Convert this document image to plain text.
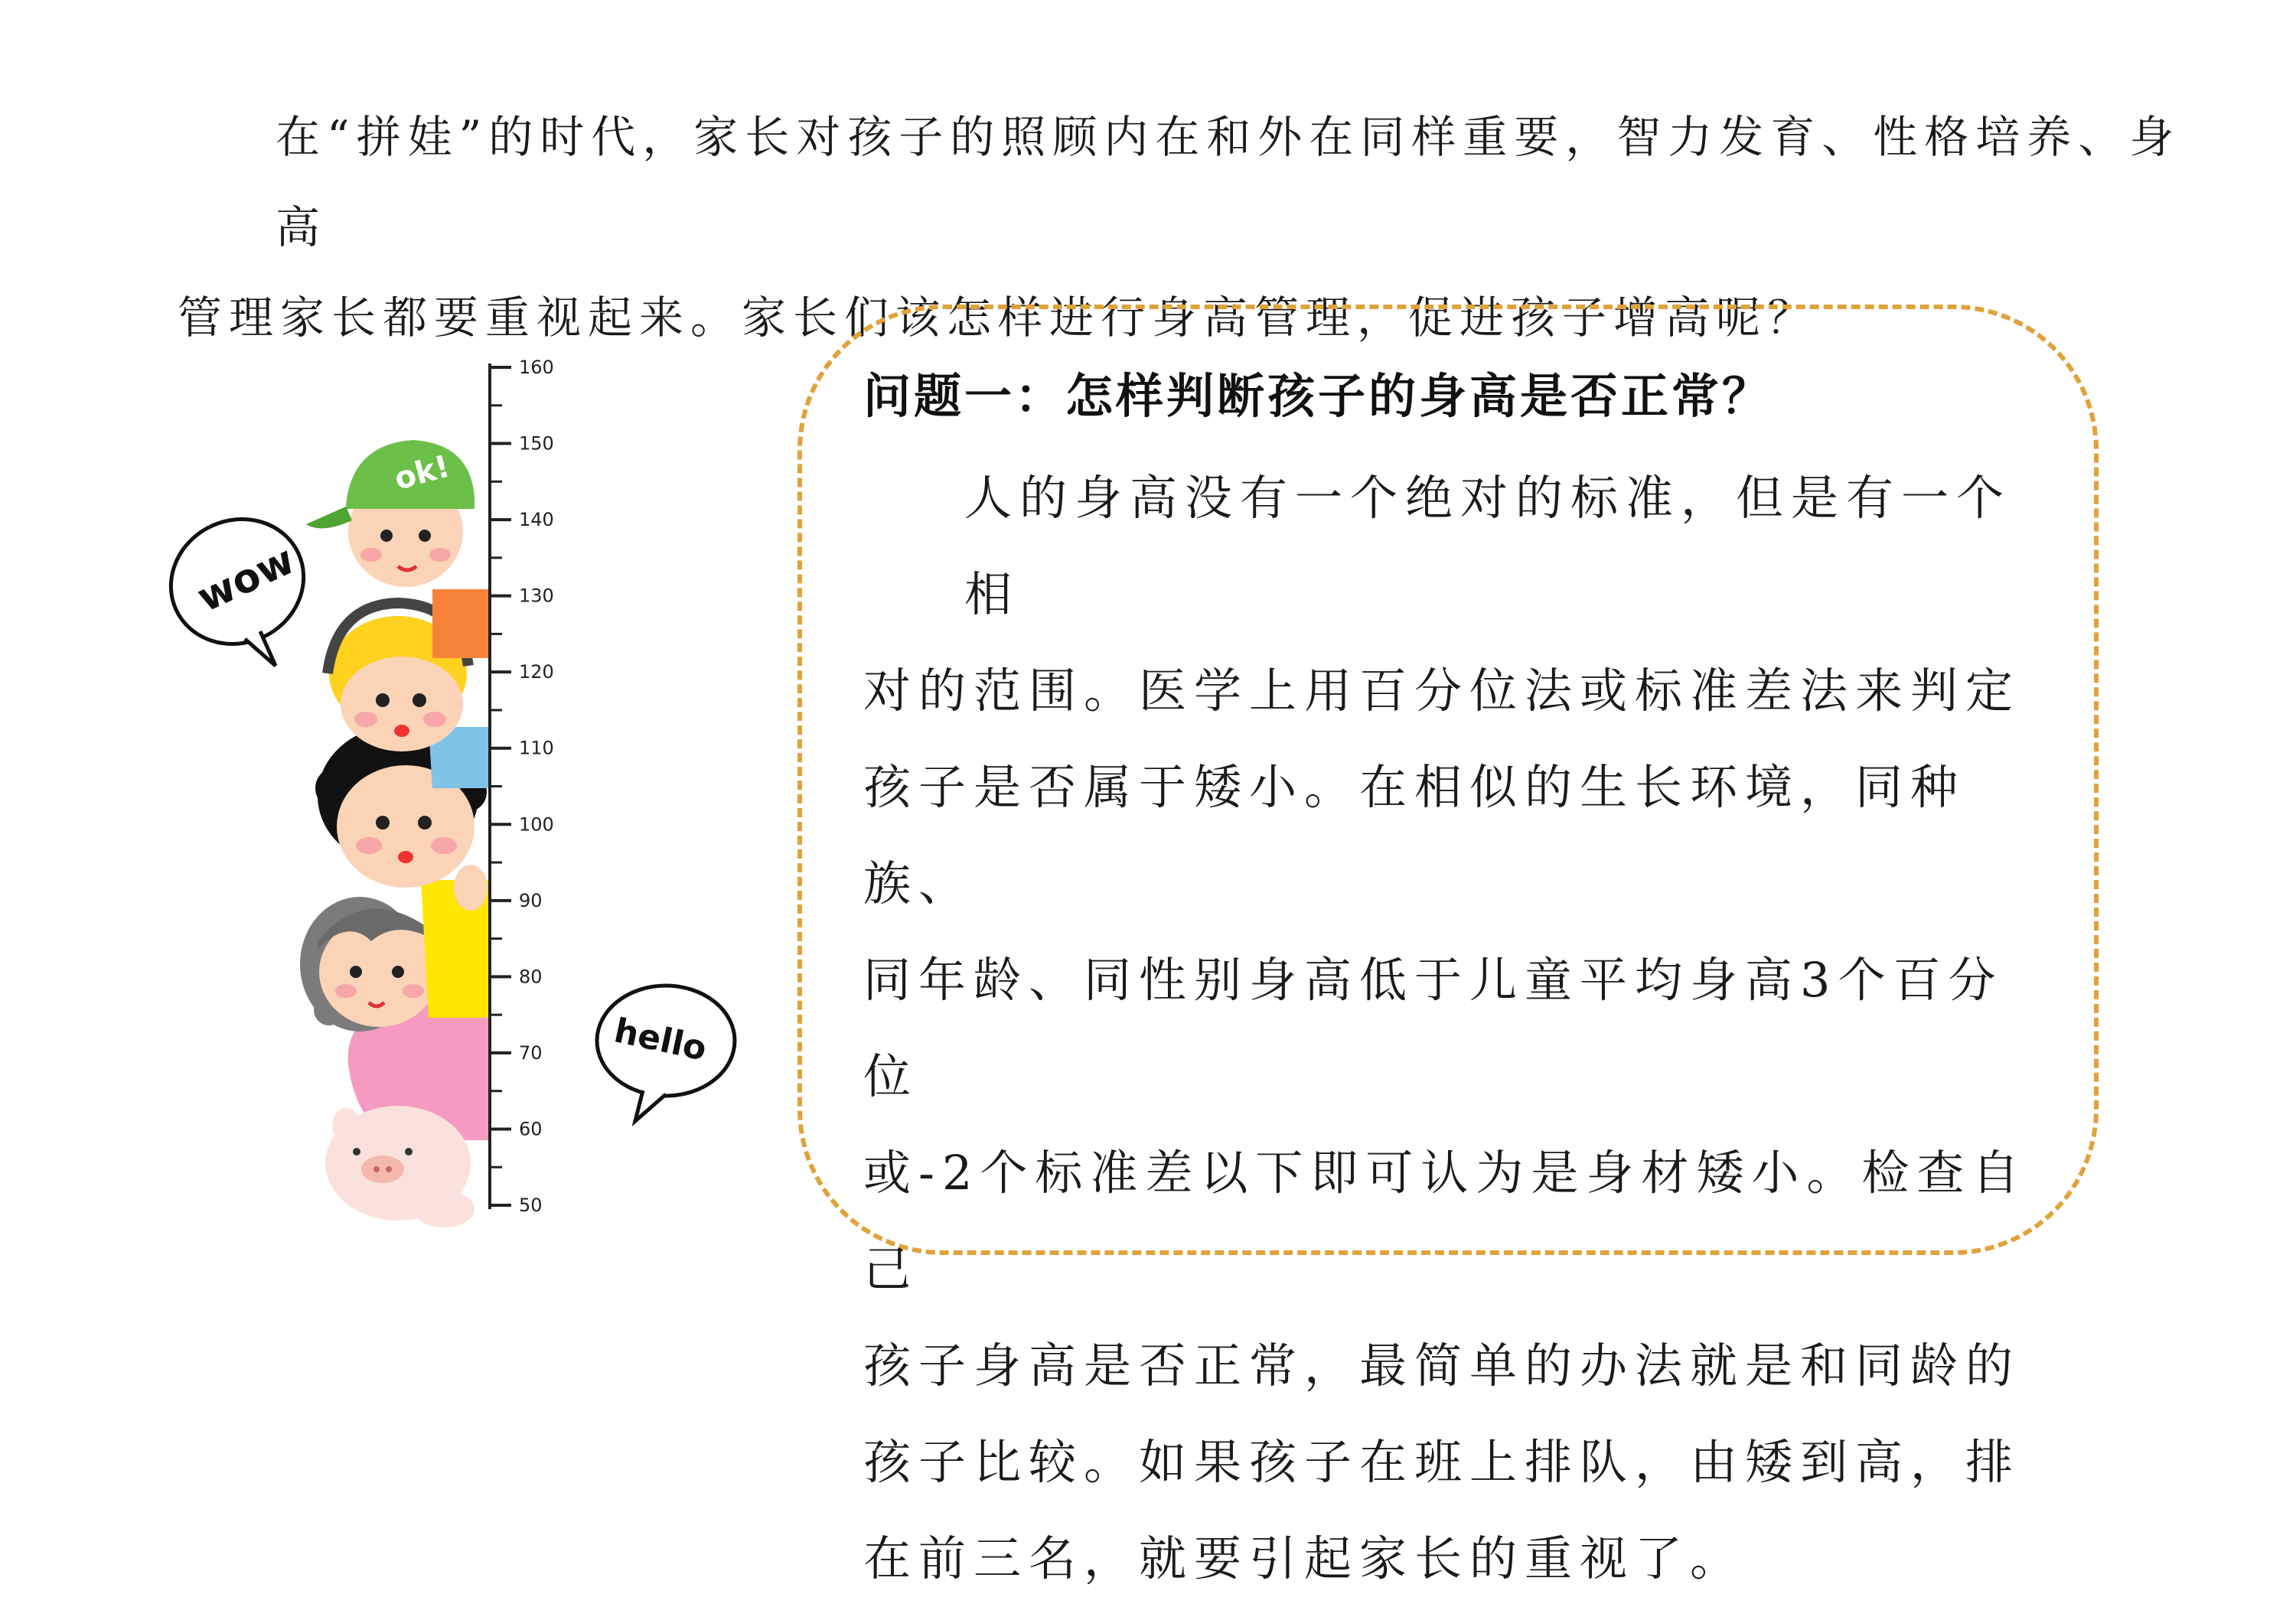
在“拼娃”的时代，家长对孩子的照顾内在和外在同样重要，智力发育、性格培养、身高

管理家长都要重视起来。家长们该怎样进行身高管理，促进孩子增高呢？

160
150
140
130
120
110
100
90
80
70
60
50
ok!
wow
hello
问题一：怎样判断孩子的身高是否正常？

人的身高没有一个绝对的标准，但是有一个相

对的范围。医学上用百分位法或标准差法来判定

孩子是否属于矮小。在相似的生长环境，同种族、

同年龄、同性别身高低于儿童平均身高3个百分位

或-2个标准差以下即可认为是身材矮小。检查自己

孩子身高是否正常，最简单的办法就是和同龄的

孩子比较。如果孩子在班上排队，由矮到高，排

在前三名，就要引起家长的重视了。
